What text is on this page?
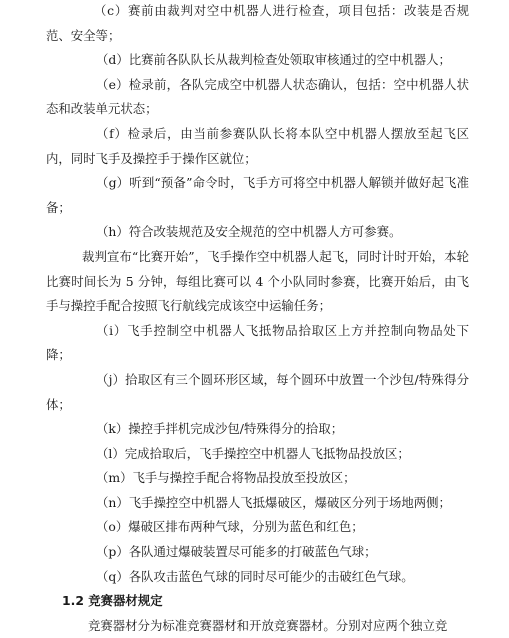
（c）赛前由裁判对空中机器人进行检查，项目包括：改装是否规范、安全等；

（d）比赛前各队队长从裁判检查处领取审核通过的空中机器人；

（e）检录前，各队完成空中机器人状态确认，包括：空中机器人状态和改装单元状态；

（f）检录后，由当前参赛队队长将本队空中机器人摆放至起飞区内，同时飞手及操控手于操作区就位；

（g）听到“预备”命令时，飞手方可将空中机器人解锁并做好起飞准备；

（h）符合改装规范及安全规范的空中机器人方可参赛。

裁判宣布“比赛开始”，飞手操作空中机器人起飞，同时计时开始，本轮比赛时间长为 5 分钟，每组比赛可以 4 个小队同时参赛，比赛开始后，由飞手与操控手配合按照飞行航线完成该空中运输任务；

（i）飞手控制空中机器人飞抵物品拾取区上方并控制向物品处下降；

（j）拾取区有三个圆环形区域，每个圆环中放置一个沙包/特殊得分体；

（k）操控手拌机完成沙包/特殊得分的拾取；

（l）完成拾取后，飞手操控空中机器人飞抵物品投放区；

（m）飞手与操控手配合将物品投放至投放区；

（n）飞手操控空中机器人飞抵爆破区，爆破区分列于场地两侧；

（o）爆破区排布两种气球，分别为蓝色和红色；

（p）各队通过爆破装置尽可能多的打破蓝色气球；

（q）各队攻击蓝色气球的同时尽可能少的击破红色气球。

1.2 竞赛器材规定

竞赛器材分为标准竞赛器材和开放竞赛器材。分别对应两个独立竞
